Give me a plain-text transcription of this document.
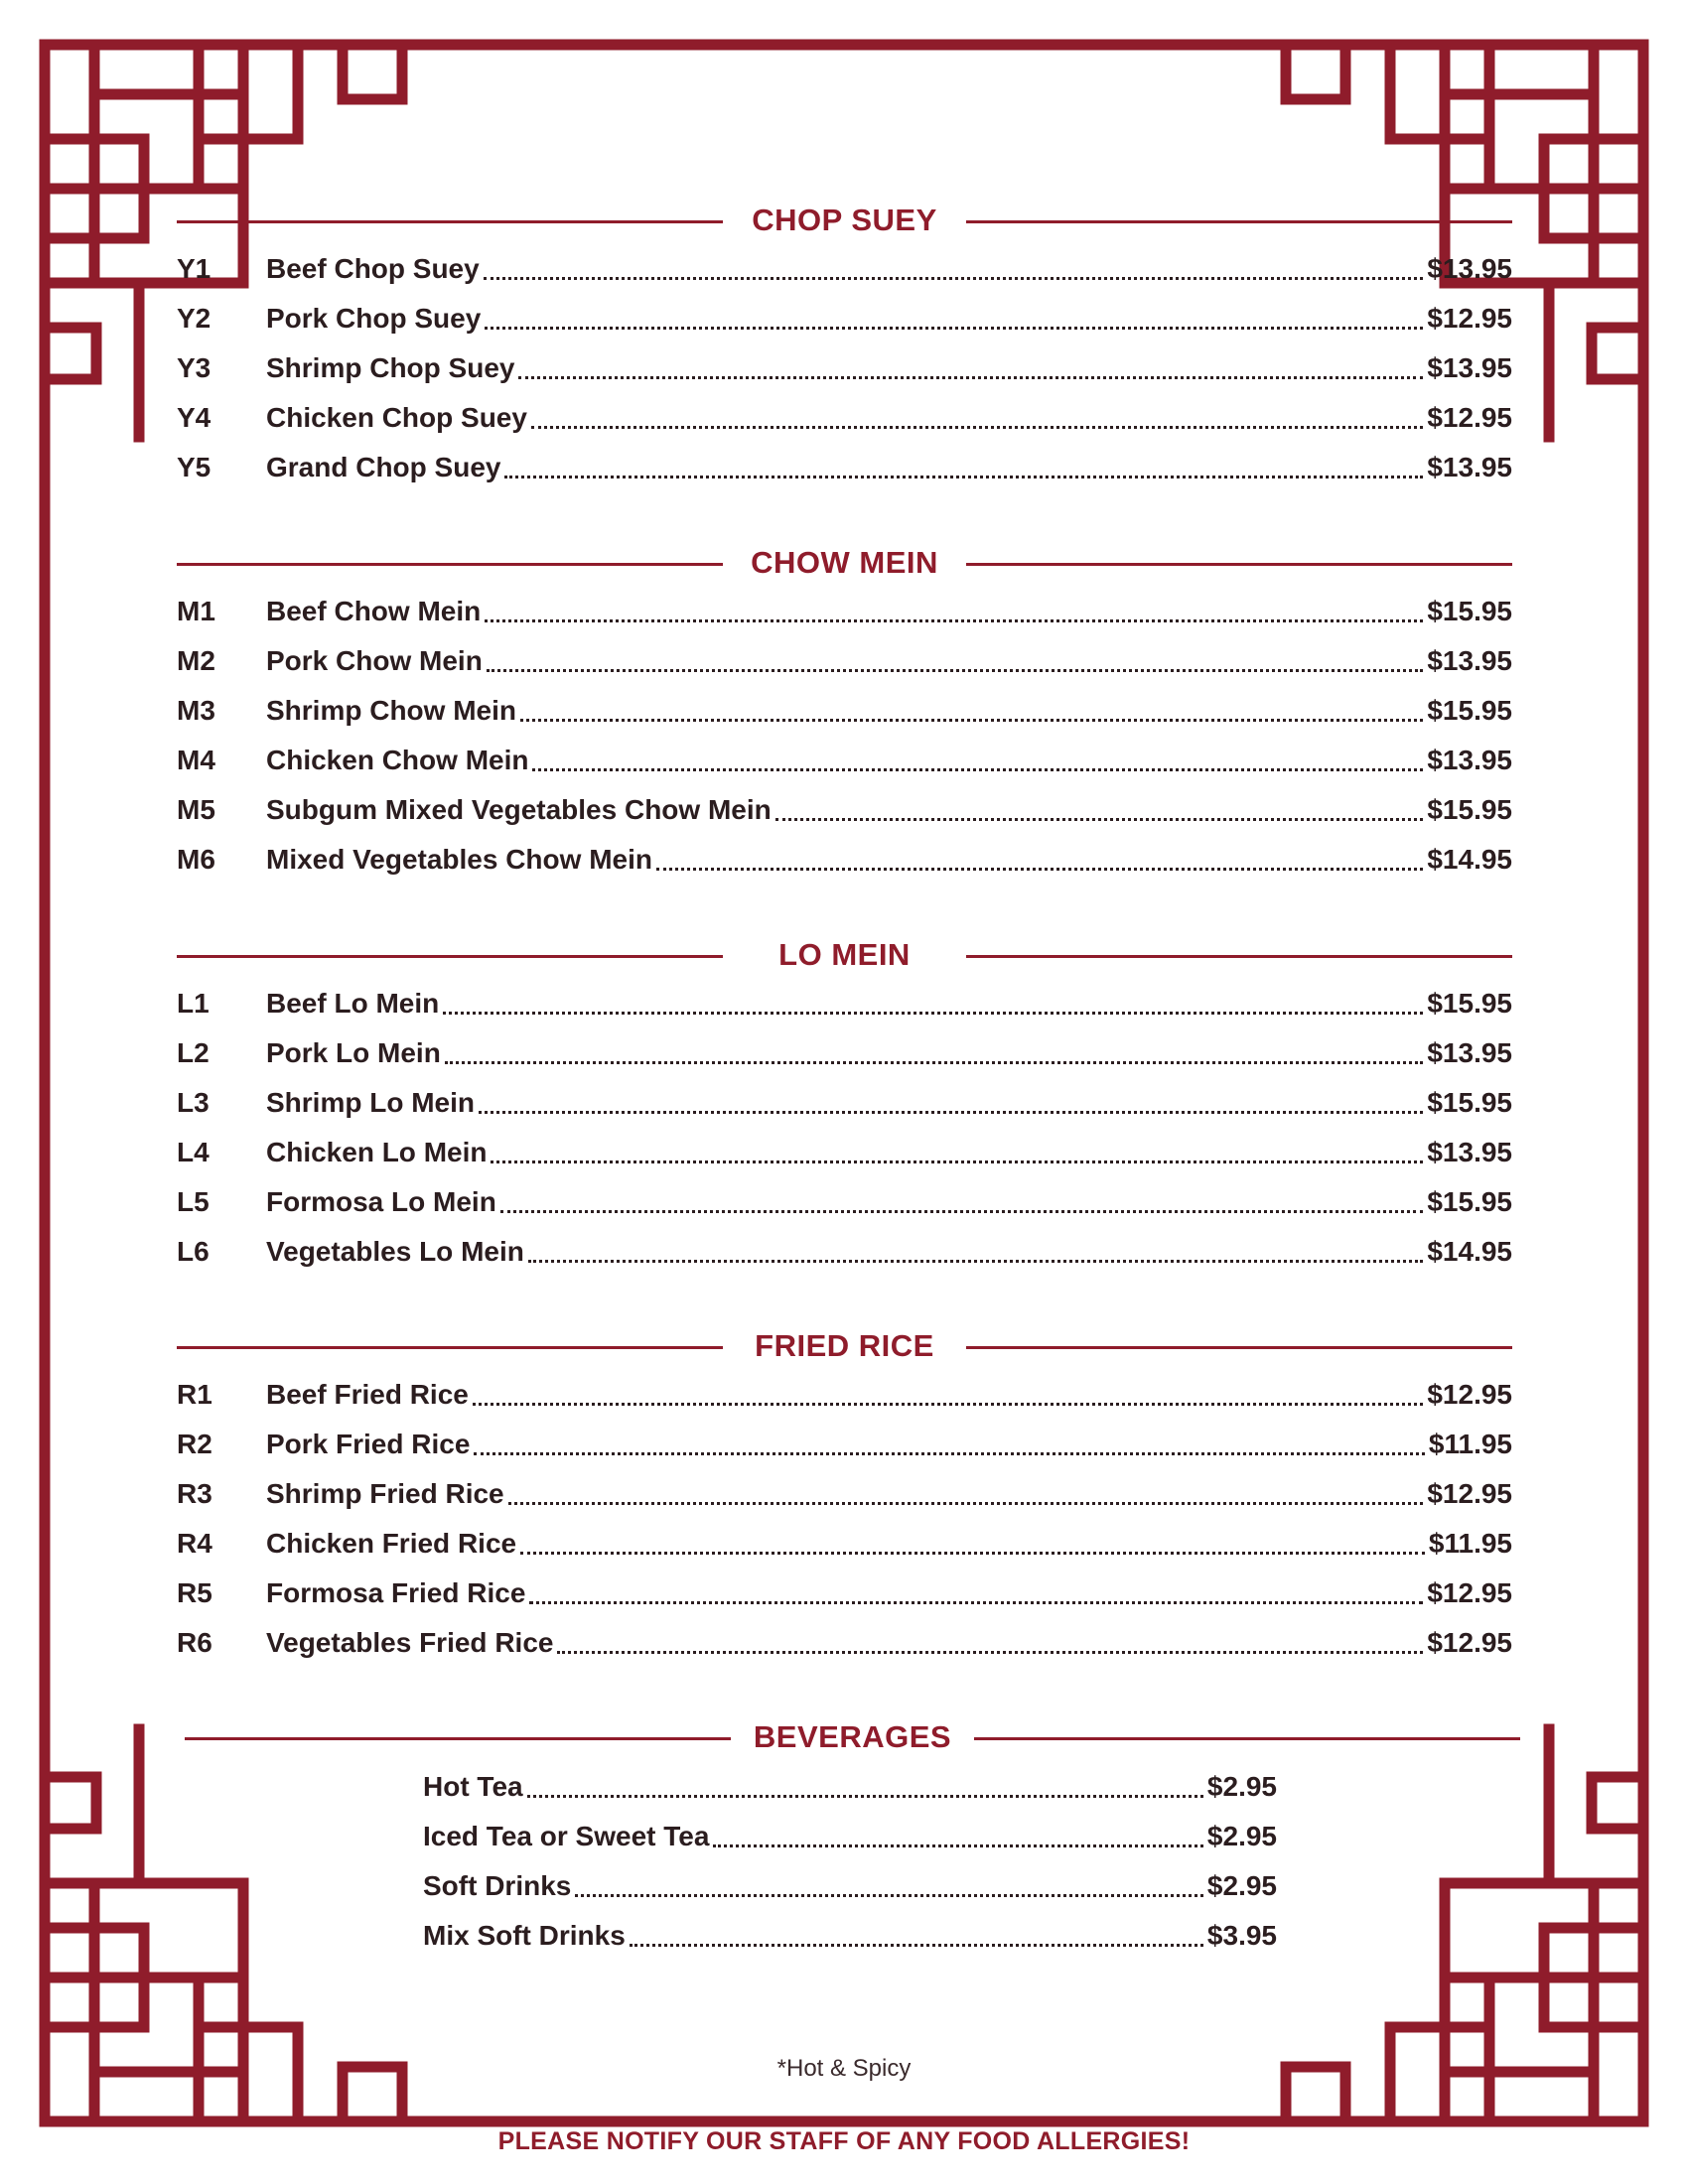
CHOP SUEY
Y1	Beef Chop Suey	$13.95
Y2	Pork Chop Suey	$12.95
Y3	Shrimp Chop Suey	$13.95
Y4	Chicken Chop Suey	$12.95
Y5	Grand Chop Suey	$13.95
CHOW MEIN
M1	Beef Chow Mein	$15.95
M2	Pork Chow Mein	$13.95
M3	Shrimp Chow Mein	$15.95
M4	Chicken Chow Mein	$13.95
M5	Subgum Mixed Vegetables Chow Mein	$15.95
M6	Mixed Vegetables Chow Mein	$14.95
LO MEIN
L1	Beef Lo Mein	$15.95
L2	Pork Lo Mein	$13.95
L3	Shrimp Lo Mein	$15.95
L4	Chicken Lo Mein	$13.95
L5	Formosa Lo Mein	$15.95
L6	Vegetables Lo Mein	$14.95
FRIED RICE
R1	Beef Fried Rice	$12.95
R2	Pork Fried Rice	$11.95
R3	Shrimp Fried Rice	$12.95
R4	Chicken Fried Rice	$11.95
R5	Formosa Fried Rice	$12.95
R6	Vegetables Fried Rice	$12.95
BEVERAGES
Hot Tea	$2.95
Iced Tea or Sweet Tea	$2.95
Soft Drinks	$2.95
Mix Soft Drinks	$3.95
*Hot & Spicy
PLEASE NOTIFY OUR STAFF OF ANY FOOD ALLERGIES!
